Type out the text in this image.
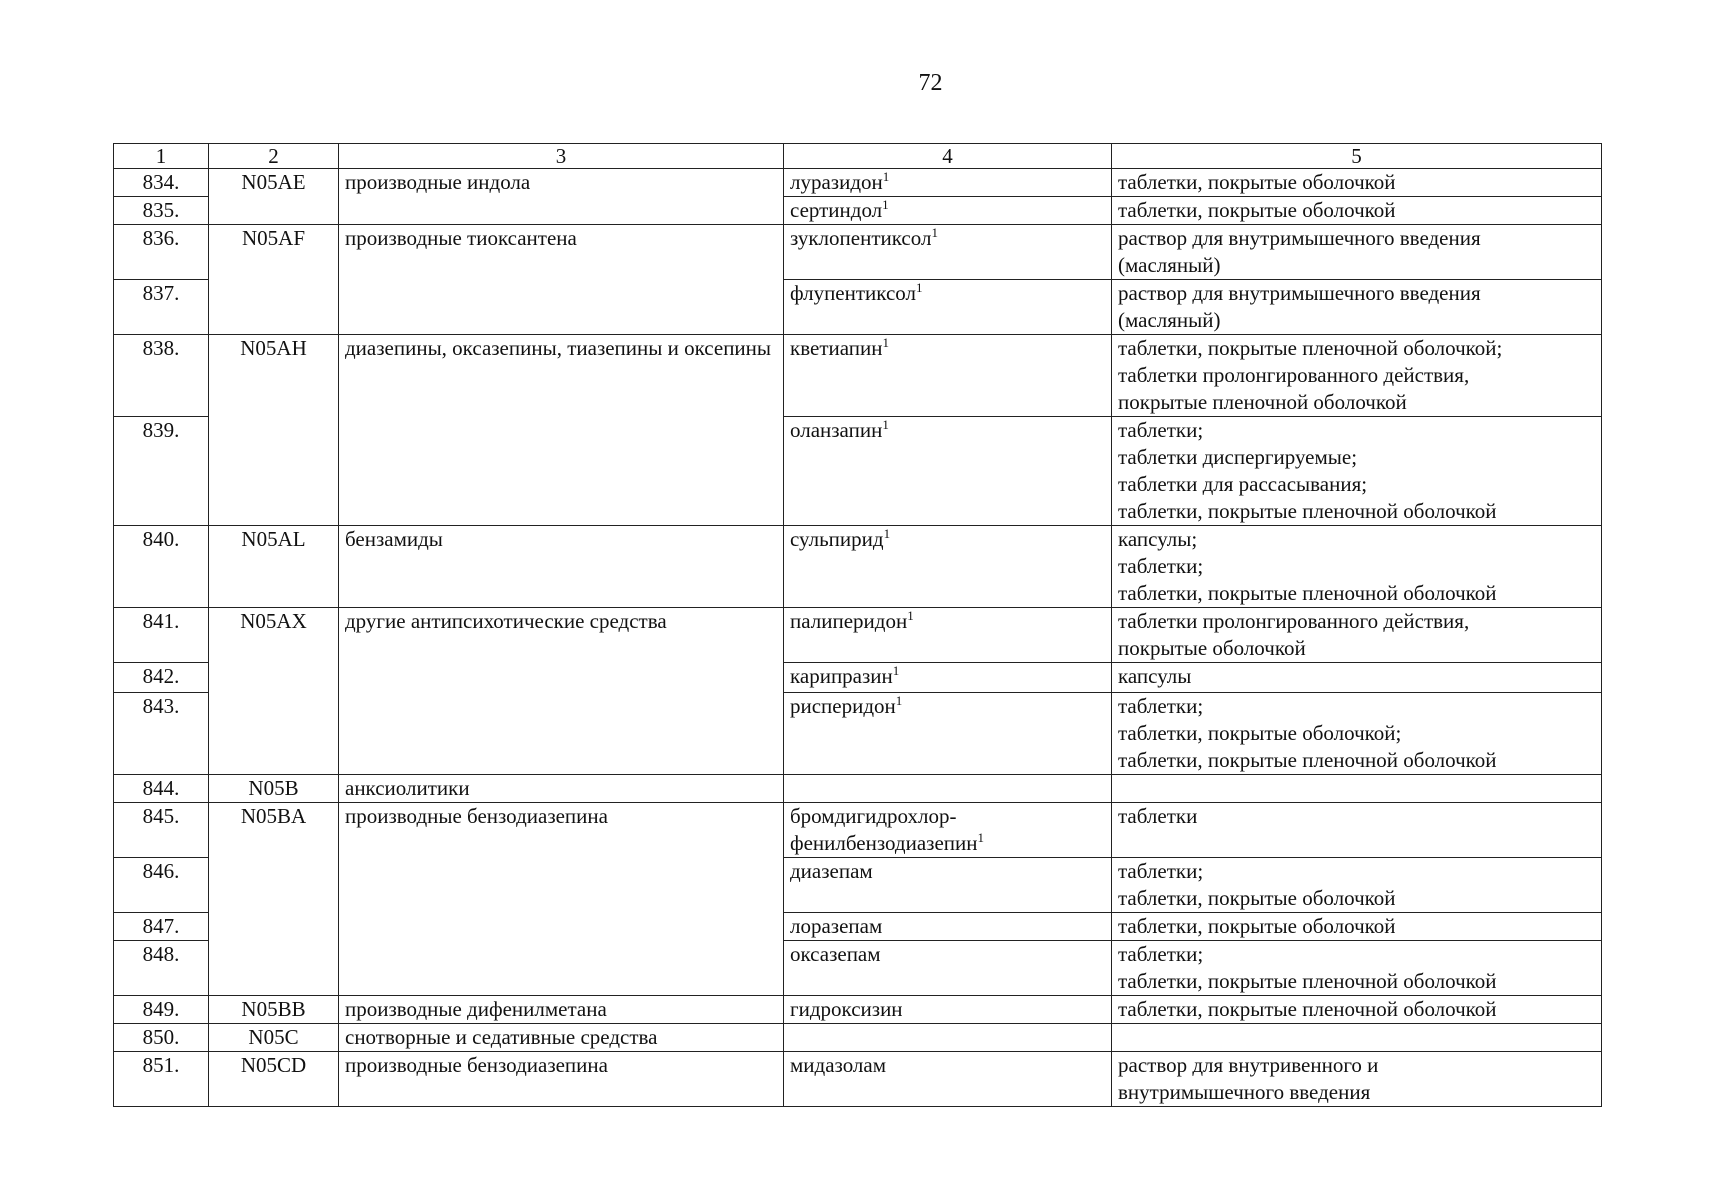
72
1	2	3	4	5
834.	N05AE	производные индола	луразидон$^1$	таблетки, покрытые оболочкой
835.			сертиндол$^1$	таблетки, покрытые оболочкой
836.	N05AF	производные тиоксантена	зуклопентиксол$^1$	раствор для внутримышечного введения
(масляный)
837.			флупентиксол$^1$	раствор для внутримышечного введения
(масляный)
838.	N05AH	диазепины, оксазепины, тиазепины и оксепины	кветиапин$^1$	таблетки, покрытые пленочной оболочкой;
таблетки пролонгированного действия,
покрытые пленочной оболочкой
839.			оланзапин$^1$	таблетки;
таблетки диспергируемые;
таблетки для рассасывания;
таблетки, покрытые пленочной оболочкой
840.	N05AL	бензамиды	сульпирид$^1$	капсулы;
таблетки;
таблетки, покрытые пленочной оболочкой
841.	N05AX	другие антипсихотические средства	палиперидон$^1$	таблетки пролонгированного действия,
покрытые оболочкой
842.			карипразин$^1$	капсулы
843.			рисперидон$^1$	таблетки;
таблетки, покрытые оболочкой;
таблетки, покрытые пленочной оболочкой
844.	N05B	анксиолитики		
845.	N05BA	производные бензодиазепина	бромдигидрохлор-
фенилбензодиазепин$^1$	таблетки
846.			диазепам	таблетки;
таблетки, покрытые оболочкой
847.			лоразепам	таблетки, покрытые оболочкой
848.			оксазепам	таблетки;
таблетки, покрытые пленочной оболочкой
849.	N05BB	производные дифенилметана	гидроксизин	таблетки, покрытые пленочной оболочкой
850.	N05C	снотворные и седативные средства		
851.	N05CD	производные бензодиазепина	мидазолам	раствор для внутривенного и
внутримышечного введения
